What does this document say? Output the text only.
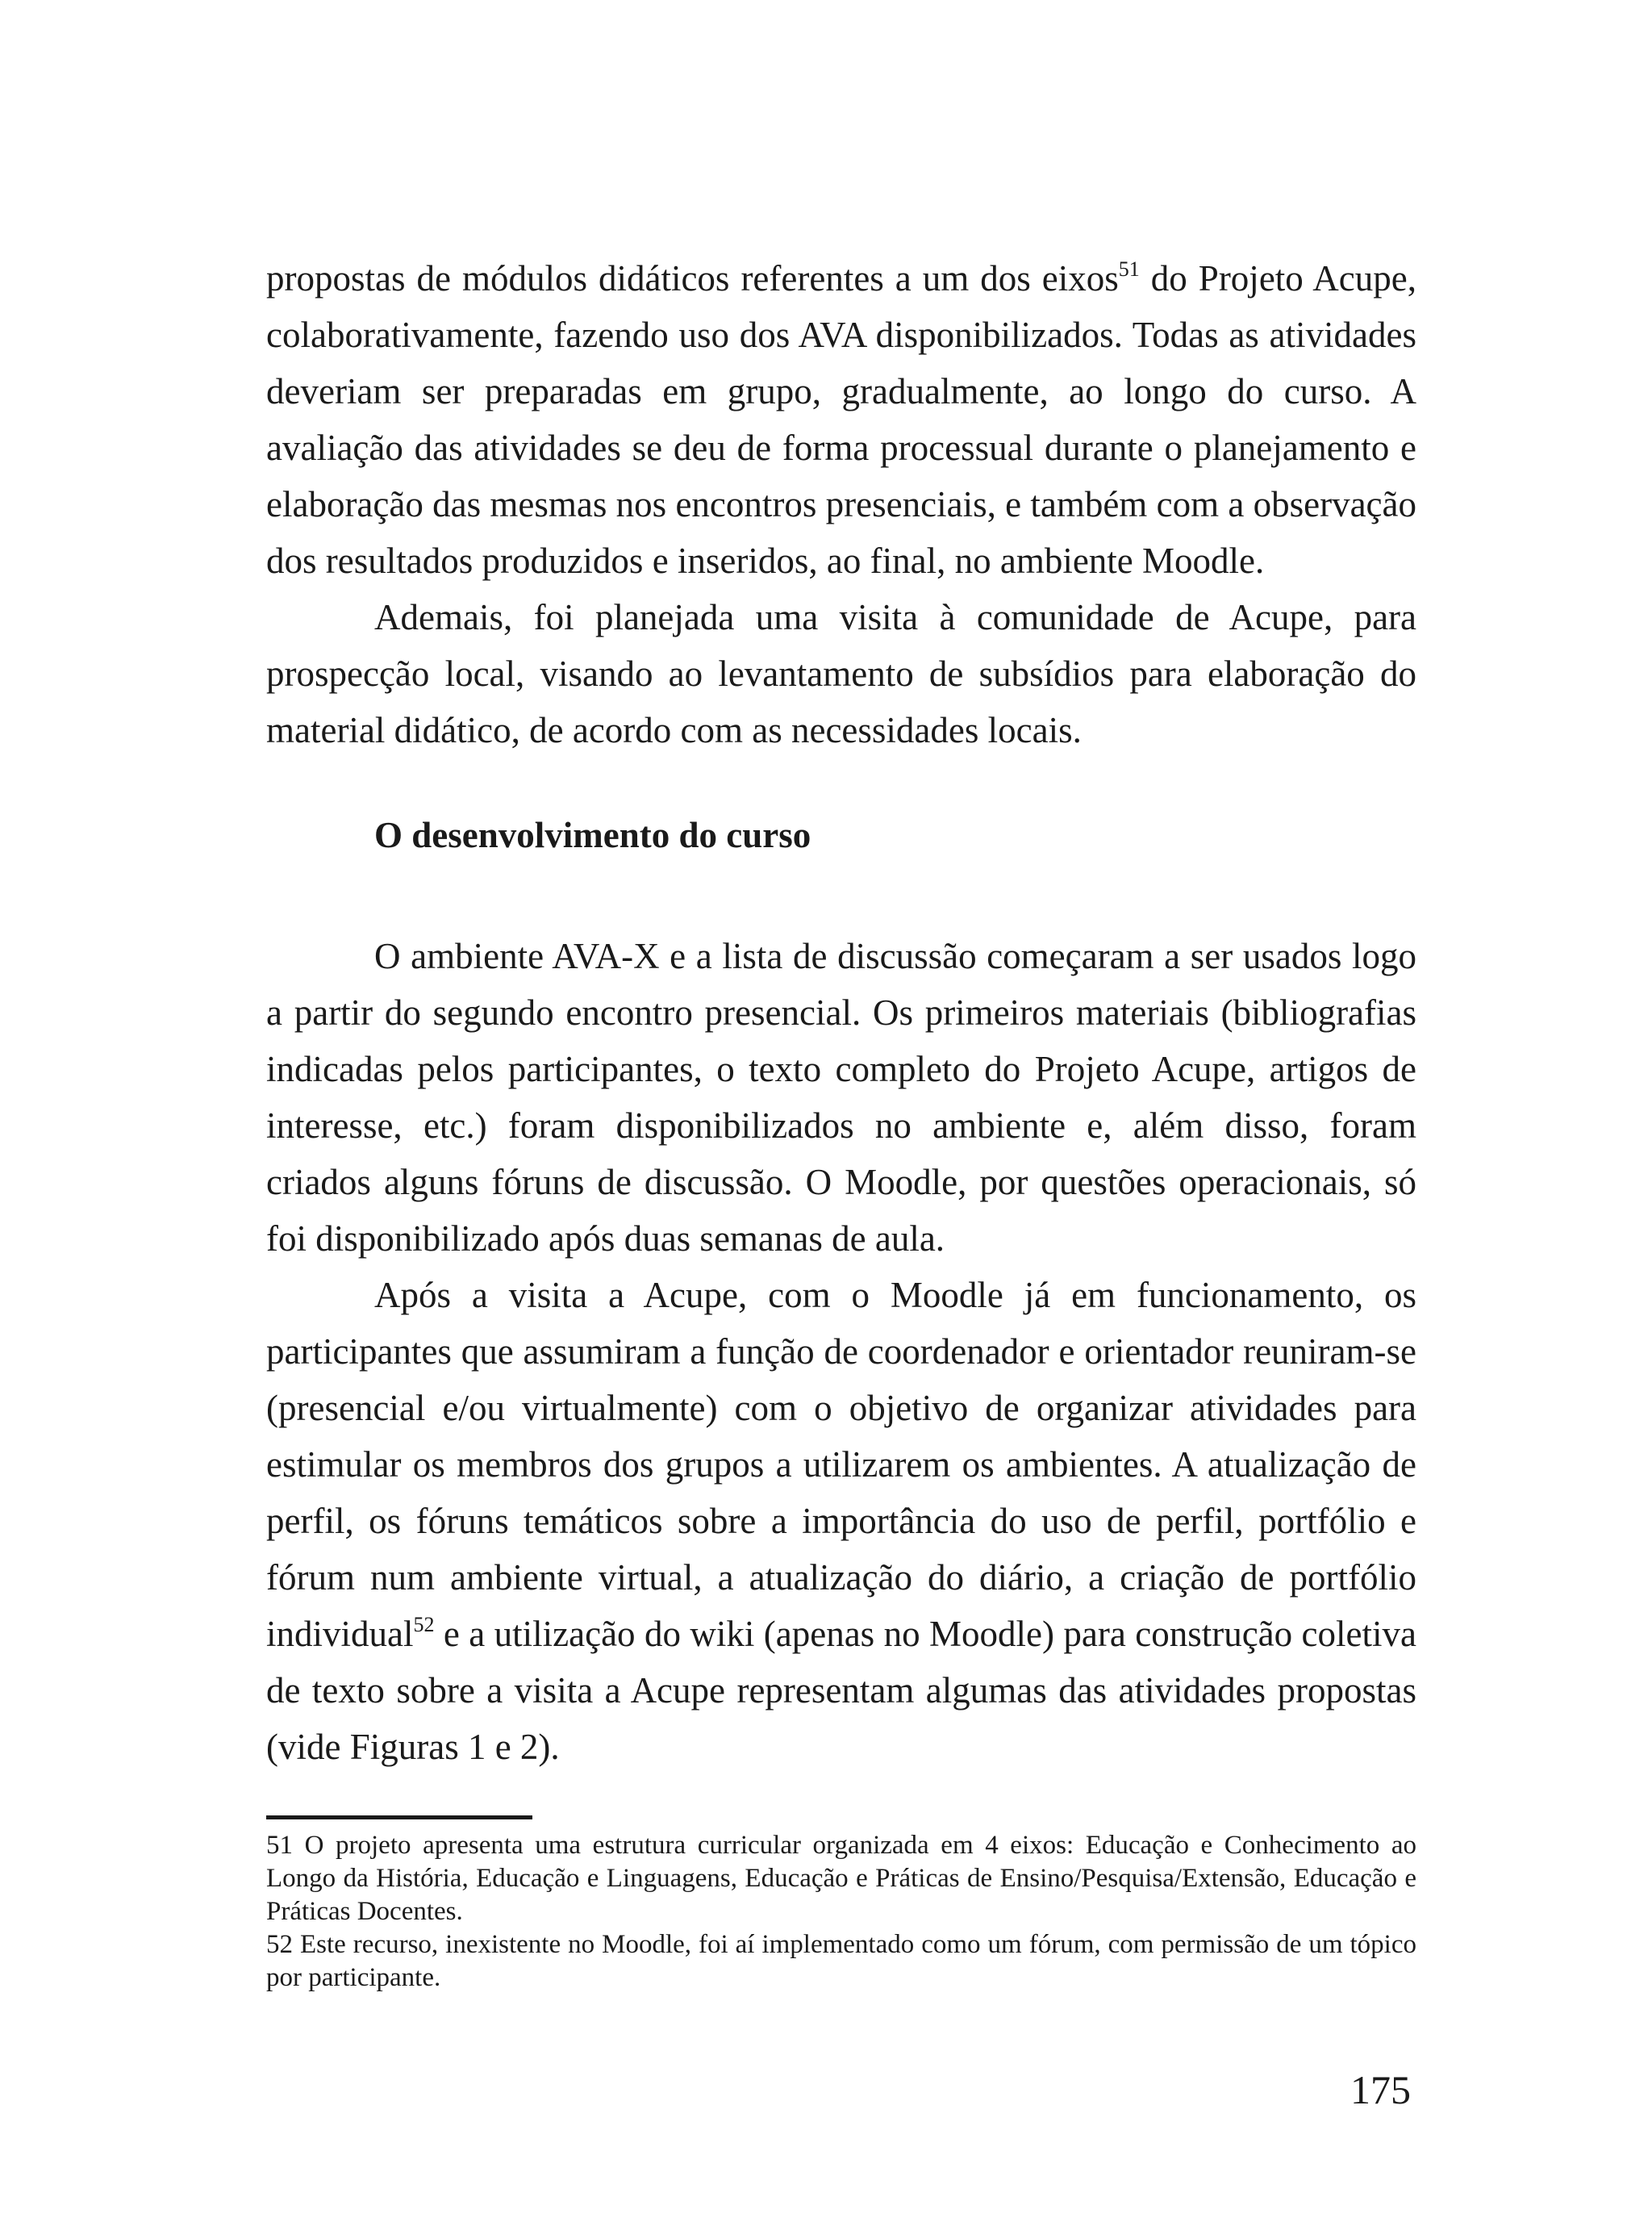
propostas de módulos didáticos referentes a um dos eixos$^{51}$ do Projeto Acupe, colaborativamente, fazendo uso dos AVA disponibilizados. Todas as atividades deveriam ser preparadas em grupo, gradualmente, ao longo do curso. A avaliação das atividades se deu de forma processual durante o planejamento e elaboração das mesmas nos encontros presenciais, e também com a observação dos resultados produzidos e inseridos, ao final, no ambiente Moodle.

Ademais, foi planejada uma visita à comunidade de Acupe, para prospecção local, visando ao levantamento de subsídios para elaboração do material didático, de acordo com as necessidades locais.

O desenvolvimento do curso

O ambiente AVA-X e a lista de discussão começaram a ser usados logo a partir do segundo encontro presencial. Os primeiros materiais (bibliografias indicadas pelos participantes, o texto completo do Projeto Acupe, artigos de interesse, etc.) foram disponibilizados no ambiente e, além disso, foram criados alguns fóruns de discussão. O Moodle, por questões operacionais, só foi disponibilizado após duas semanas de aula.

Após a visita a Acupe, com o Moodle já em funcionamento, os participantes que assumiram a função de coordenador e orientador reuniram-se (presencial e/ou virtualmente) com o objetivo de organizar atividades para estimular os membros dos grupos a utilizarem os ambientes. A atualização de perfil, os fóruns temáticos sobre a importância do uso de perfil, portfólio e fórum num ambiente virtual, a atualização do diário, a criação de portfólio individual$^{52}$ e a utilização do wiki (apenas no Moodle) para construção coletiva de texto sobre a visita a Acupe representam algumas das atividades propostas (vide Figuras 1 e 2).

51 O projeto apresenta uma estrutura curricular organizada em 4 eixos: Educação e Conhecimento ao Longo da História, Educação e Linguagens, Educação e Práticas de Ensino/Pesquisa/Extensão, Educação e Práticas Docentes.

52 Este recurso, inexistente no Moodle, foi aí implementado como um fórum, com permissão de um tópico por participante.

175
